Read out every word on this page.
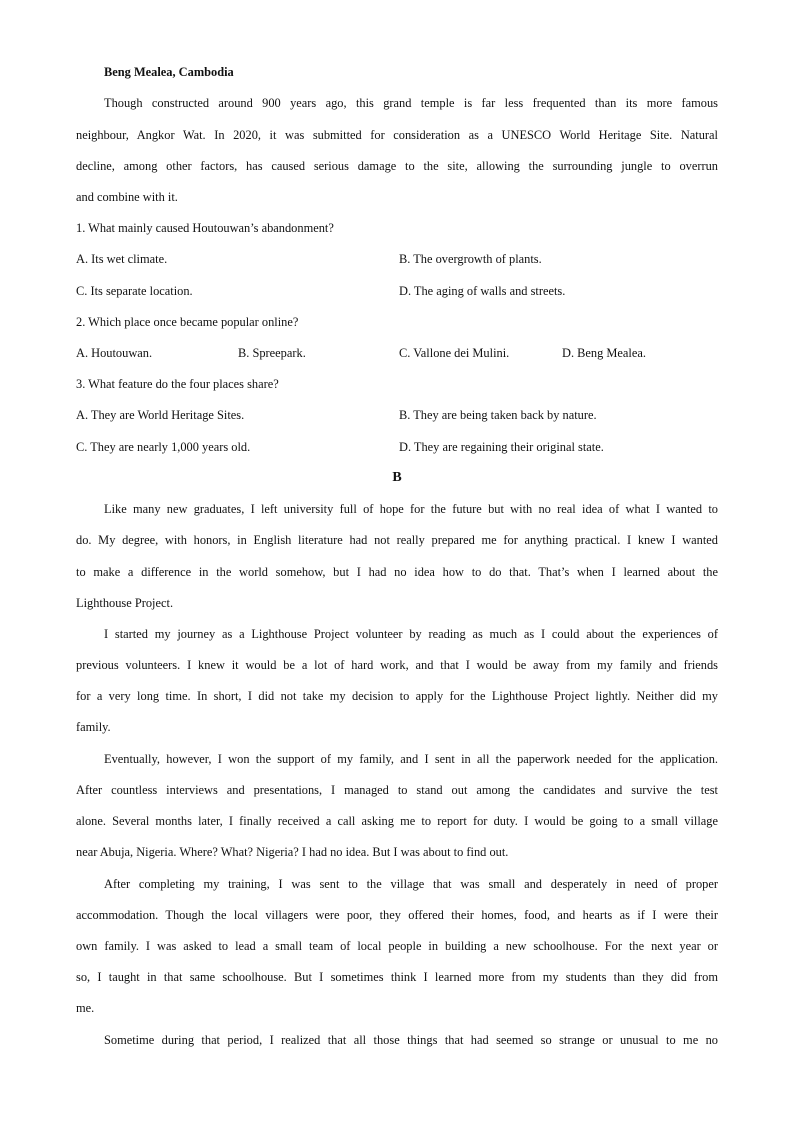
Beng Mealea, Cambodia
Though constructed around 900 years ago, this grand temple is far less frequented than its more famous
neighbour, Angkor Wat. In 2020, it was submitted for consideration as a UNESCO World Heritage Site. Natural
decline, among other factors, has caused serious damage to the site, allowing the surrounding jungle to overrun
and combine with it.
1. What mainly caused Houtouwan’s abandonment?
A. Its wet climate.	B. The overgrowth of plants.
C. Its separate location.	D. The aging of walls and streets.
2. Which place once became popular online?
A. Houtouwan.	B. Spreepark.	C. Vallone dei Mulini.	D. Beng Mealea.
3. What feature do the four places share?
A. They are World Heritage Sites.	B. They are being taken back by nature.
C. They are nearly 1,000 years old.	D. They are regaining their original state.
B
Like many new graduates, I left university full of hope for the future but with no real idea of what I wanted to
do. My degree, with honors, in English literature had not really prepared me for anything practical. I knew I wanted
to make a difference in the world somehow, but I had no idea how to do that. That’s when I learned about the
Lighthouse Project.
I started my journey as a Lighthouse Project volunteer by reading as much as I could about the experiences of
previous volunteers. I knew it would be a lot of hard work, and that I would be away from my family and friends
for a very long time. In short, I did not take my decision to apply for the Lighthouse Project lightly. Neither did my
family.
Eventually, however, I won the support of my family, and I sent in all the paperwork needed for the application.
After countless interviews and presentations, I managed to stand out among the candidates and survive the test
alone. Several months later, I finally received a call asking me to report for duty. I would be going to a small village
near Abuja, Nigeria. Where? What? Nigeria? I had no idea. But I was about to find out.
After completing my training, I was sent to the village that was small and desperately in need of proper
accommodation. Though the local villagers were poor, they offered their homes, food, and hearts as if I were their
own family. I was asked to lead a small team of local people in building a new schoolhouse. For the next year or
so, I taught in that same schoolhouse. But I sometimes think I learned more from my students than they did from
me.
Sometime during that period, I realized that all those things that had seemed so strange or unusual to me no
